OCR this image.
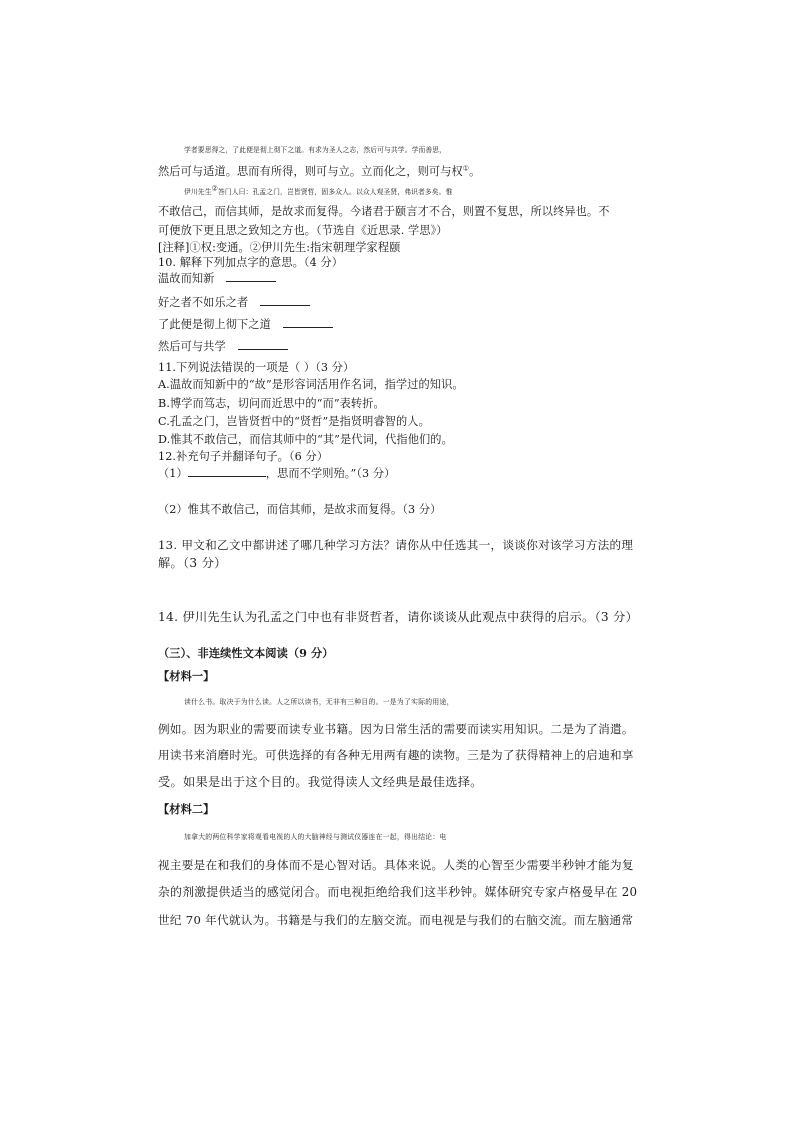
学者要思得之，了此便是彻上彻下之道。有求为圣人之志，然后可与共学。学而善思，
然后可与适道。思而有所得，则可与立。立而化之，则可与权①。
伊川先生②答门人曰：孔孟之门，岂皆贤哲，固多众人。以众人观圣贤，弗识者多矣。惟
不敢信己，而信其师，是故求而复得。今诸君于颐言才不合，则置不复思，所以终异也。不
可便放下更且思之致知之方也。（节选自《近思录. 学思》）
[注释]①权:变通。②伊川先生:指宋朝理学家程颐
10. 解释下列加点字的意思。（4 分）
温故而知新
好之者不如乐之者
了此便是彻上彻下之道
然后可与共学
11.下列说法错误的一项是（ ）（3 分）
A.温故而知新中的“故”是形容词活用作名词，指学过的知识。
B.博学而笃志，切问而近思中的“而”表转折。
C.孔孟之门，岂皆贤哲中的“贤哲”是指贤明睿智的人。
D.惟其不敢信己，而信其师中的“其”是代词，代指他们的。
12.补充句子并翻译句子。（6 分）
（1）	，思而不学则殆。”（3 分）
（2）惟其不敢信己，而信其师，是故求而复得。（3 分）
13. 甲文和乙文中都讲述了哪几种学习方法？请你从中任选其一，谈谈你对该学习方法的理
解。（3 分）
14. 伊川先生认为孔孟之门中也有非贤哲者，请你谈谈从此观点中获得的启示。（3 分）
（三）、非连续性文本阅读（9 分）
【材料一】
读什么书。取决于为什么读。人之所以读书，无非有三种目的。一是为了实际的用途，
例如。因为职业的需要而读专业书籍。因为日常生活的需要而读实用知识。二是为了消遣。
用读书来消磨时光。可供选择的有各种无用两有趣的读物。三是为了获得精神上的启迪和享
受。如果是出于这个目的。我觉得读人文经典是最佳选择。
【材料二】
加拿大的两位科学家将观看电视的人的大脑神经与测试仪器连在一起，得出结论：电
视主要是在和我们的身体而不是心智对话。具体来说。人类的心智至少需要半秒钟才能为复
杂的剂激提供适当的感觉闭合。而电视拒绝给我们这半秒钟。媒体研究专家卢格曼早在 20
世纪 70 年代就认为。书籍是与我们的左脑交流。而电视是与我们的右脑交流。而左脑通常
